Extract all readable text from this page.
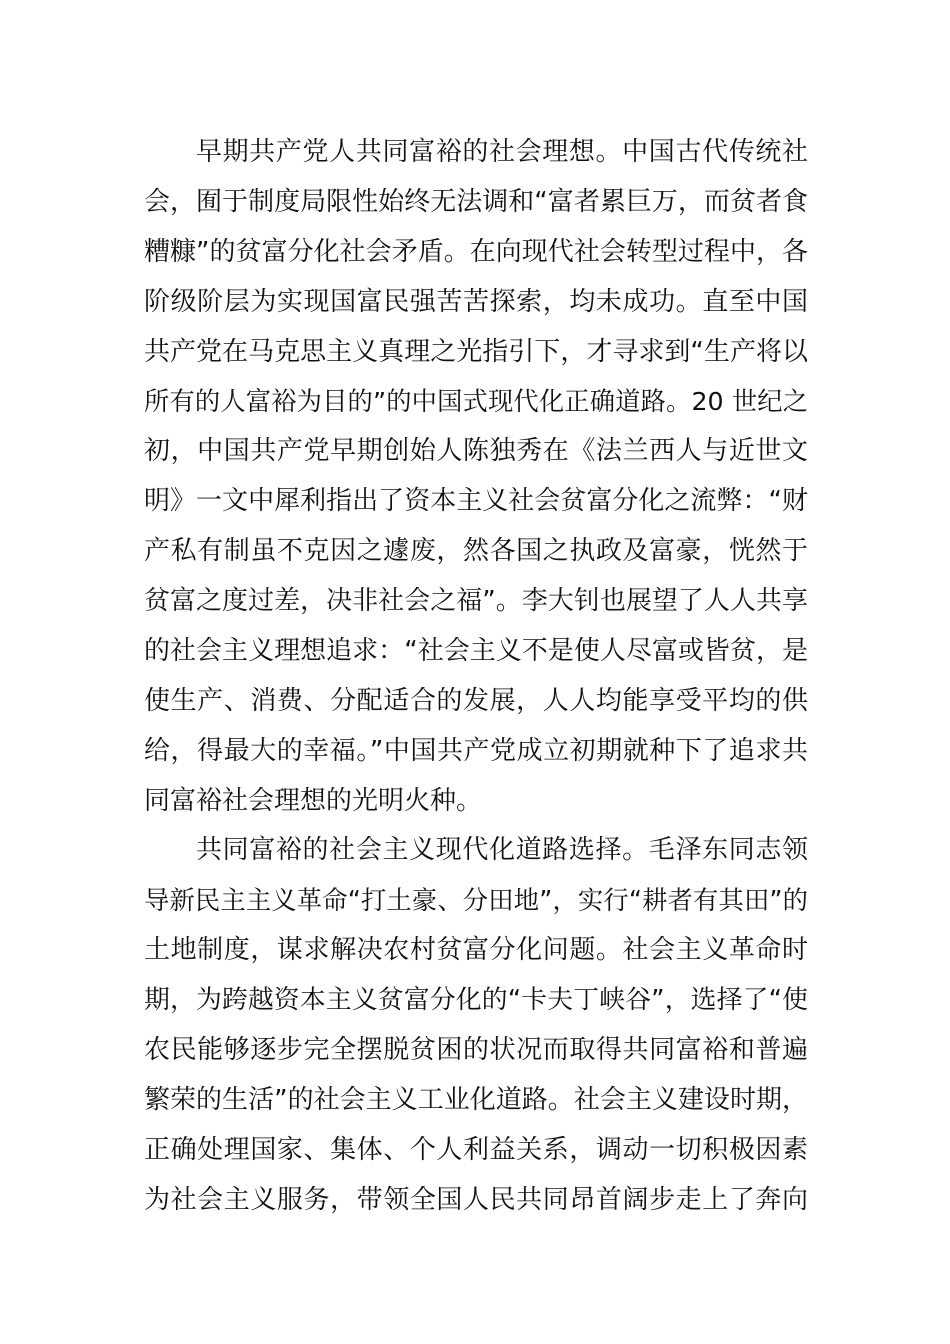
早期共产党人共同富裕的社会理想。中国古代传统社
会，囿于制度局限性始终无法调和“富者累巨万，而贫者食
糟糠”的贫富分化社会矛盾。在向现代社会转型过程中，各
阶级阶层为实现国富民强苦苦探索，均未成功。直至中国
共产党在马克思主义真理之光指引下，才寻求到“生产将以
所有的人富裕为目的”的中国式现代化正确道路。20 世纪之
初，中国共产党早期创始人陈独秀在《法兰西人与近世文
明》一文中犀利指出了资本主义社会贫富分化之流弊：“财
产私有制虽不克因之遽废，然各国之执政及富豪，恍然于
贫富之度过差，决非社会之福”。李大钊也展望了人人共享
的社会主义理想追求：“社会主义不是使人尽富或皆贫，是
使生产、消费、分配适合的发展，人人均能享受平均的供
给，得最大的幸福。”中国共产党成立初期就种下了追求共
同富裕社会理想的光明火种。
共同富裕的社会主义现代化道路选择。毛泽东同志领
导新民主主义革命“打土豪、分田地”，实行“耕者有其田”的
土地制度，谋求解决农村贫富分化问题。社会主义革命时
期，为跨越资本主义贫富分化的“卡夫丁峡谷”，选择了“使
农民能够逐步完全摆脱贫困的状况而取得共同富裕和普遍
繁荣的生活”的社会主义工业化道路。社会主义建设时期，
正确处理国家、集体、个人利益关系，调动一切积极因素
为社会主义服务，带领全国人民共同昂首阔步走上了奔向
